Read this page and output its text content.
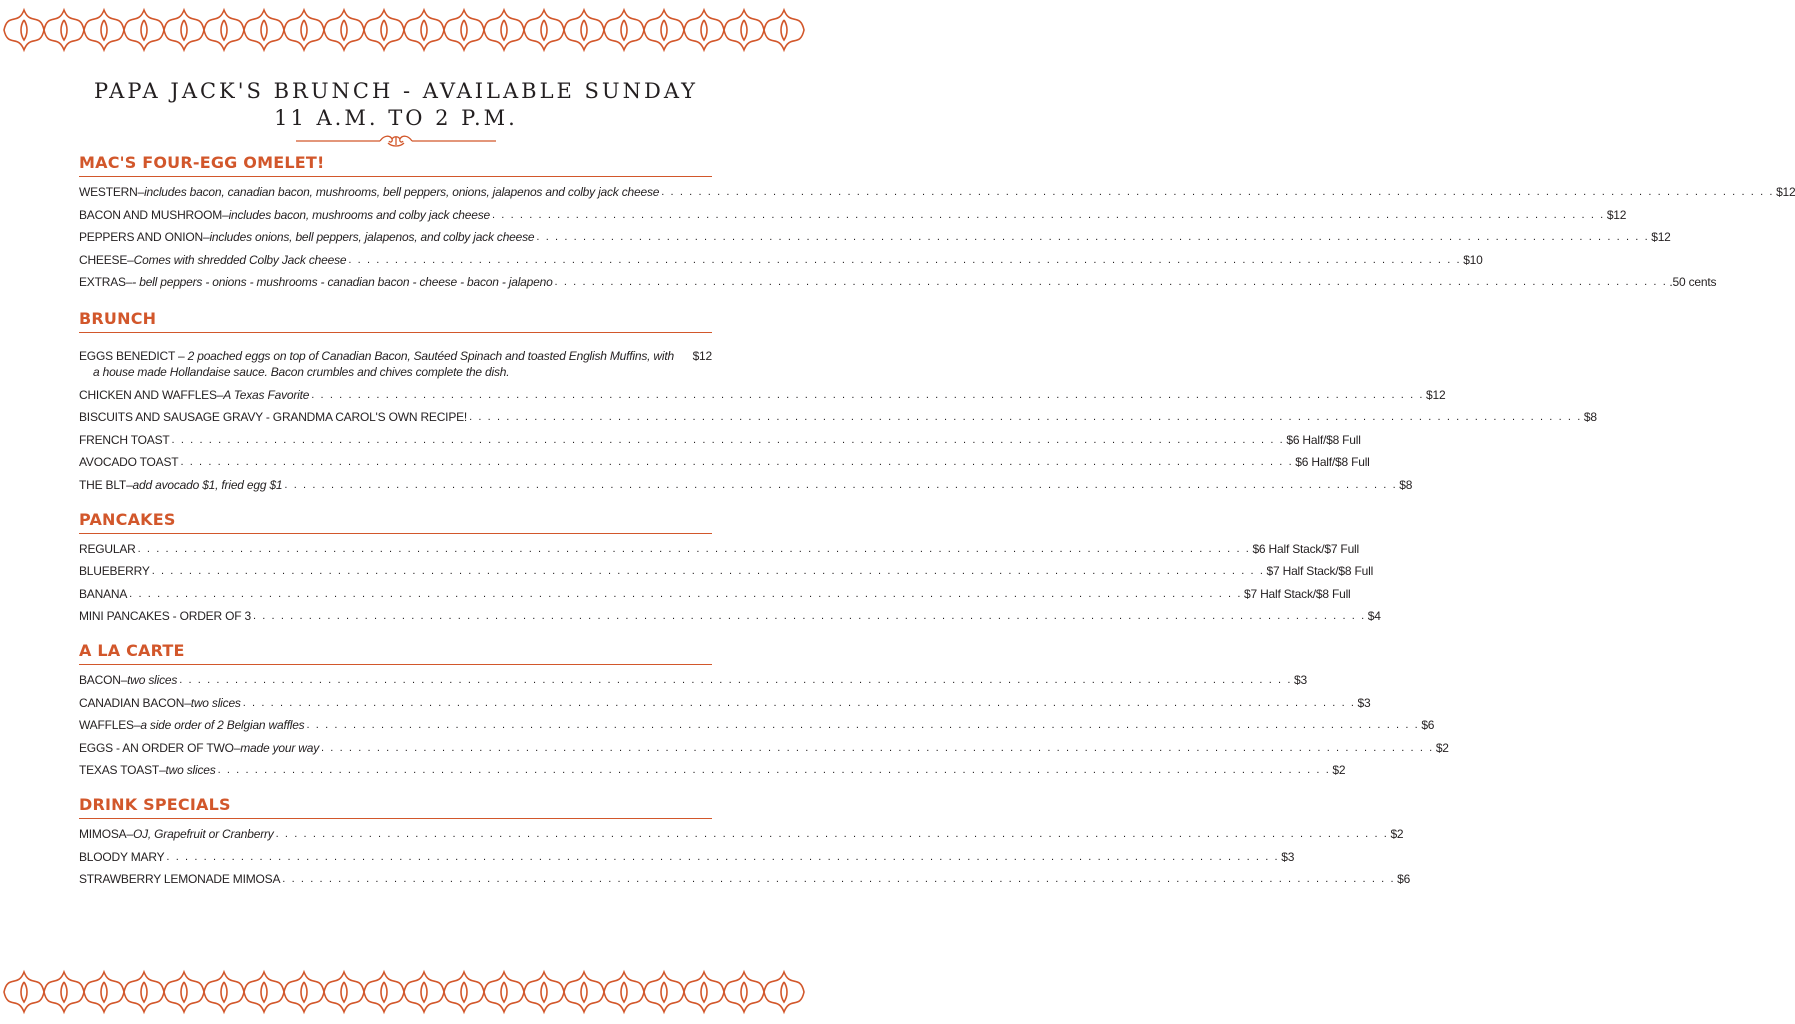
PAPA JACK'S BRUNCH - AVAILABLE SUNDAY
11 A.M. TO 2 P.M.
MAC'S FOUR-EGG OMELET!
WESTERN – includes bacon, canadian bacon, mushrooms, bell peppers, onions, jalapenos and colby jack cheese . . . . . . . . . . . . . . . . . . . . . . . . . . . . . . . . . . . . . . . . . . . . . . . . . . . . . . . . . . . . . . . . . . . . . . . . . . . . . . . . . . . . . . . . . . . . . . . . . . . . . . . . . . . . . . . . . . . . . . . . $12
BACON AND MUSHROOM – includes bacon, mushrooms and colby jack cheese . . . . . . . . . . . . . . . . . . . . . . . . . . . . . . . . . . . . . . . . . . . . . . . . . . . . . . . . . . . . . . . . . . . . . . . . . . . . . . . . . . . . . . . . . . . . . . . . . . . . . . . . . . . . . . . . . . . . . . . . $12
PEPPERS AND ONION – includes onions, bell peppers, jalapenos, and colby jack cheese . . . . . . . . . . . . . . . . . . . . . . . . . . . . . . . . . . . . . . . . . . . . . . . . . . . . . . . . . . . . . . . . . . . . . . . . . . . . . . . . . . . . . . . . . . . . . . . . . . . . . . . . . . . . . . . . . . . . . . . . $12
CHEESE – Comes with shredded Colby Jack cheese . . . . . . . . . . . . . . . . . . . . . . . . . . . . . . . . . . . . . . . . . . . . . . . . . . . . . . . . . . . . . . . . . . . . . . . . . . . . . . . . . . . . . . . . . . . . . . . . . . . . . . . . . . . . . . . . . . . . . . . . $10
EXTRAS – - bell peppers - onions - mushrooms - canadian bacon - cheese - bacon - jalapeno . . . . . . . . . . . . . . . . . . . . . . . . . . . . . . . . . . . . . . . . . . . . . . . . . . . . . . . . . . . . . . . . . . . . . . . . . . . . . . . . . . . . . . . . . . . . . . . . . . . . . . . . . . . . . . . . . . . . . . . . .50 cents
BRUNCH
EGGS BENEDICT – 2 poached eggs on top of Canadian Bacon, Sautéed Spinach and toasted English Muffins, with
a house made Hollandaise sauce. Bacon crumbles and chives complete the dish.
$12
CHICKEN AND WAFFLES – A Texas Favorite . . . . . . . . . . . . . . . . . . . . . . . . . . . . . . . . . . . . . . . . . . . . . . . . . . . . . . . . . . . . . . . . . . . . . . . . . . . . . . . . . . . . . . . . . . . . . . . . . . . . . . . . . . . . . . . . . . . . . . . . $12
BISCUITS AND SAUSAGE GRAVY - GRANDMA CAROL'S OWN RECIPE! . . . . . . . . . . . . . . . . . . . . . . . . . . . . . . . . . . . . . . . . . . . . . . . . . . . . . . . . . . . . . . . . . . . . . . . . . . . . . . . . . . . . . . . . . . . . . . . . . . . . . . . . . . . . . . . . . . . . . . . . $8
FRENCH TOAST . . . . . . . . . . . . . . . . . . . . . . . . . . . . . . . . . . . . . . . . . . . . . . . . . . . . . . . . . . . . . . . . . . . . . . . . . . . . . . . . . . . . . . . . . . . . . . . . . . . . . . . . . . . . . . . . . . . . . . . . $6 Half/$8 Full
AVOCADO TOAST . . . . . . . . . . . . . . . . . . . . . . . . . . . . . . . . . . . . . . . . . . . . . . . . . . . . . . . . . . . . . . . . . . . . . . . . . . . . . . . . . . . . . . . . . . . . . . . . . . . . . . . . . . . . . . . . . . . . . . . . $6 Half/$8 Full
THE BLT – add avocado $1, fried egg $1 . . . . . . . . . . . . . . . . . . . . . . . . . . . . . . . . . . . . . . . . . . . . . . . . . . . . . . . . . . . . . . . . . . . . . . . . . . . . . . . . . . . . . . . . . . . . . . . . . . . . . . . . . . . . . . . . . . . . . . . . $8
PANCAKES
REGULAR . . . . . . . . . . . . . . . . . . . . . . . . . . . . . . . . . . . . . . . . . . . . . . . . . . . . . . . . . . . . . . . . . . . . . . . . . . . . . . . . . . . . . . . . . . . . . . . . . . . . . . . . . . . . . . . . . . . . . . . . $6 Half Stack/$7 Full
BLUEBERRY . . . . . . . . . . . . . . . . . . . . . . . . . . . . . . . . . . . . . . . . . . . . . . . . . . . . . . . . . . . . . . . . . . . . . . . . . . . . . . . . . . . . . . . . . . . . . . . . . . . . . . . . . . . . . . . . . . . . . . . . $7 Half Stack/$8 Full
BANANA . . . . . . . . . . . . . . . . . . . . . . . . . . . . . . . . . . . . . . . . . . . . . . . . . . . . . . . . . . . . . . . . . . . . . . . . . . . . . . . . . . . . . . . . . . . . . . . . . . . . . . . . . . . . . . . . . . . . . . . . $7 Half Stack/$8 Full
MINI PANCAKES - ORDER OF 3 . . . . . . . . . . . . . . . . . . . . . . . . . . . . . . . . . . . . . . . . . . . . . . . . . . . . . . . . . . . . . . . . . . . . . . . . . . . . . . . . . . . . . . . . . . . . . . . . . . . . . . . . . . . . . . . . . . . . . . . . $4
A LA CARTE
BACON – two slices . . . . . . . . . . . . . . . . . . . . . . . . . . . . . . . . . . . . . . . . . . . . . . . . . . . . . . . . . . . . . . . . . . . . . . . . . . . . . . . . . . . . . . . . . . . . . . . . . . . . . . . . . . . . . . . . . . . . . . . . $3
CANADIAN BACON – two slices . . . . . . . . . . . . . . . . . . . . . . . . . . . . . . . . . . . . . . . . . . . . . . . . . . . . . . . . . . . . . . . . . . . . . . . . . . . . . . . . . . . . . . . . . . . . . . . . . . . . . . . . . . . . . . . . . . . . . . . . $3
WAFFLES – a side order of 2 Belgian waffles . . . . . . . . . . . . . . . . . . . . . . . . . . . . . . . . . . . . . . . . . . . . . . . . . . . . . . . . . . . . . . . . . . . . . . . . . . . . . . . . . . . . . . . . . . . . . . . . . . . . . . . . . . . . . . . . . . . . . . . . $6
EGGS - AN ORDER OF TWO – made your way . . . . . . . . . . . . . . . . . . . . . . . . . . . . . . . . . . . . . . . . . . . . . . . . . . . . . . . . . . . . . . . . . . . . . . . . . . . . . . . . . . . . . . . . . . . . . . . . . . . . . . . . . . . . . . . . . . . . . . . . $2
TEXAS TOAST – two slices . . . . . . . . . . . . . . . . . . . . . . . . . . . . . . . . . . . . . . . . . . . . . . . . . . . . . . . . . . . . . . . . . . . . . . . . . . . . . . . . . . . . . . . . . . . . . . . . . . . . . . . . . . . . . . . . . . . . . . . . $2
DRINK SPECIALS
MIMOSA – OJ, Grapefruit or Cranberry . . . . . . . . . . . . . . . . . . . . . . . . . . . . . . . . . . . . . . . . . . . . . . . . . . . . . . . . . . . . . . . . . . . . . . . . . . . . . . . . . . . . . . . . . . . . . . . . . . . . . . . . . . . . . . . . . . . . . . . . $2
BLOODY MARY . . . . . . . . . . . . . . . . . . . . . . . . . . . . . . . . . . . . . . . . . . . . . . . . . . . . . . . . . . . . . . . . . . . . . . . . . . . . . . . . . . . . . . . . . . . . . . . . . . . . . . . . . . . . . . . . . . . . . . . . $3
STRAWBERRY LEMONADE MIMOSA . . . . . . . . . . . . . . . . . . . . . . . . . . . . . . . . . . . . . . . . . . . . . . . . . . . . . . . . . . . . . . . . . . . . . . . . . . . . . . . . . . . . . . . . . . . . . . . . . . . . . . . . . . . . . . . . . . . . . . . . $6
